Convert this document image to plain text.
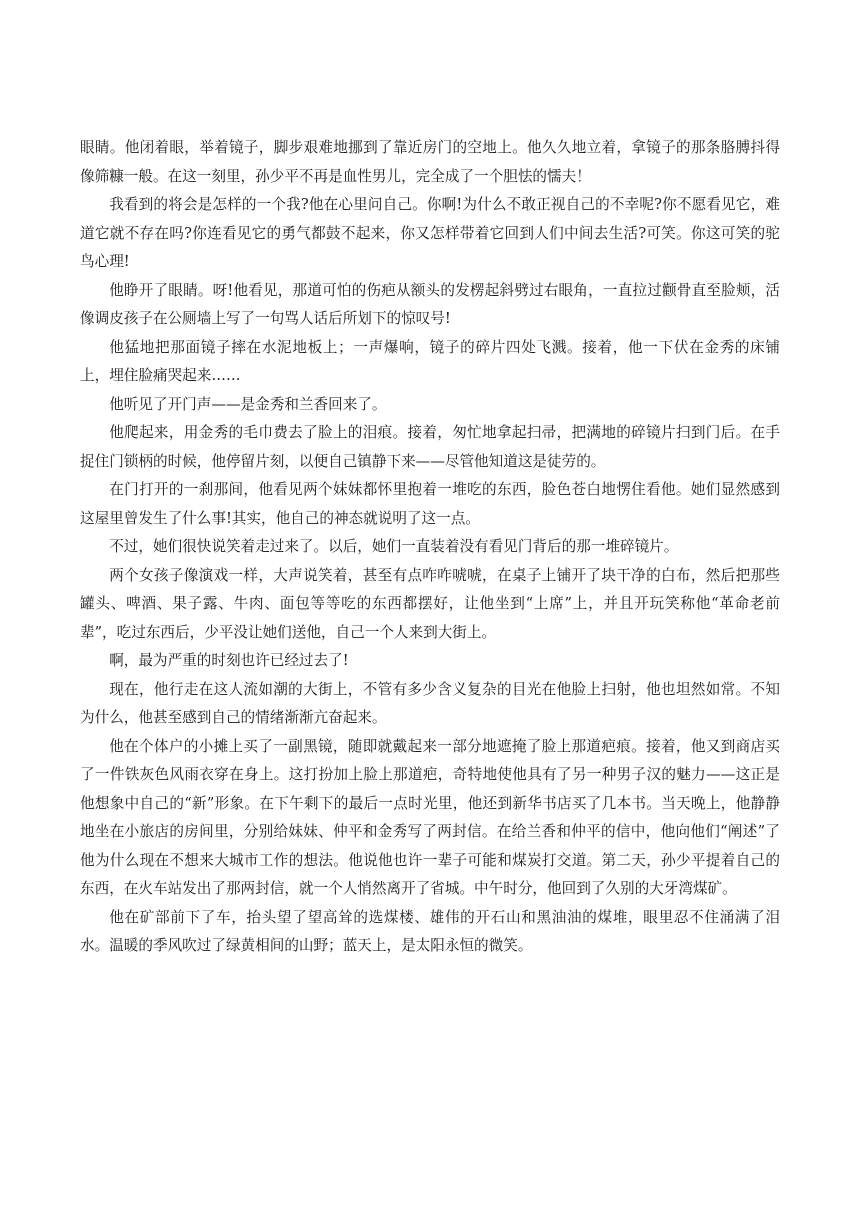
眼睛。他闭着眼，举着镜子，脚步艰难地挪到了靠近房门的空地上。他久久地立着，拿镜子的那条胳膊抖得像筛糠一般。在这一刻里，孙少平不再是血性男儿，完全成了一个胆怯的懦夫！

我看到的将会是怎样的一个我?他在心里问自己。你啊!为什么不敢正视自己的不幸呢?你不愿看见它，难道它就不存在吗?你连看见它的勇气都鼓不起来，你又怎样带着它回到人们中间去生活?可笑。你这可笑的驼鸟心理!

他睁开了眼睛。呀!他看见，那道可怕的伤疤从额头的发楞起斜劈过右眼角，一直拉过颧骨直至脸颊，活像调皮孩子在公厕墙上写了一句骂人话后所划下的惊叹号!

他猛地把那面镜子摔在水泥地板上；一声爆响，镜子的碎片四处飞溅。接着，他一下伏在金秀的床铺上，埋住脸痛哭起来……

他听见了开门声——是金秀和兰香回来了。

他爬起来，用金秀的毛巾费去了脸上的泪痕。接着，匆忙地拿起扫帚，把满地的碎镜片扫到门后。在手捉住门锁柄的时候，他停留片刻，以便自己镇静下来——尽管他知道这是徒劳的。

在门打开的一刹那间，他看见两个妹妹都怀里抱着一堆吃的东西，脸色苍白地愣住看他。她们显然感到这屋里曾发生了什么事!其实，他自己的神态就说明了这一点。

不过，她们很快说笑着走过来了。以后，她们一直装着没有看见门背后的那一堆碎镜片。

两个女孩子像演戏一样，大声说笑着，甚至有点咋咋唬唬，在桌子上铺开了块干净的白布，然后把那些罐头、啤酒、果子露、牛肉、面包等等吃的东西都摆好，让他坐到“上席”上，并且开玩笑称他“革命老前辈”，吃过东西后，少平没让她们送他，自己一个人来到大街上。

啊，最为严重的时刻也许已经过去了!

现在，他行走在这人流如潮的大街上，不管有多少含义复杂的目光在他脸上扫射，他也坦然如常。不知为什么，他甚至感到自己的情绪渐渐亢奋起来。

他在个体户的小摊上买了一副黑镜，随即就戴起来一部分地遮掩了脸上那道疤痕。接着，他又到商店买了一件铁灰色风雨衣穿在身上。这打扮加上脸上那道疤，奇特地使他具有了另一种男子汉的魅力——这正是他想象中自己的“新”形象。在下午剩下的最后一点时光里，他还到新华书店买了几本书。当天晚上，他静静地坐在小旅店的房间里，分别给妹妹、仲平和金秀写了两封信。在给兰香和仲平的信中，他向他们“阐述”了他为什么现在不想来大城市工作的想法。他说他也许一辈子可能和煤炭打交道。第二天，孙少平提着自己的东西，在火车站发出了那两封信，就一个人悄然离开了省城。中午时分，他回到了久别的大牙湾煤矿。

他在矿部前下了车，抬头望了望高耸的选煤楼、雄伟的开石山和黑油油的煤堆，眼里忍不住涌满了泪水。温暖的季风吹过了绿黄相间的山野；蓝天上，是太阳永恒的微笑。
